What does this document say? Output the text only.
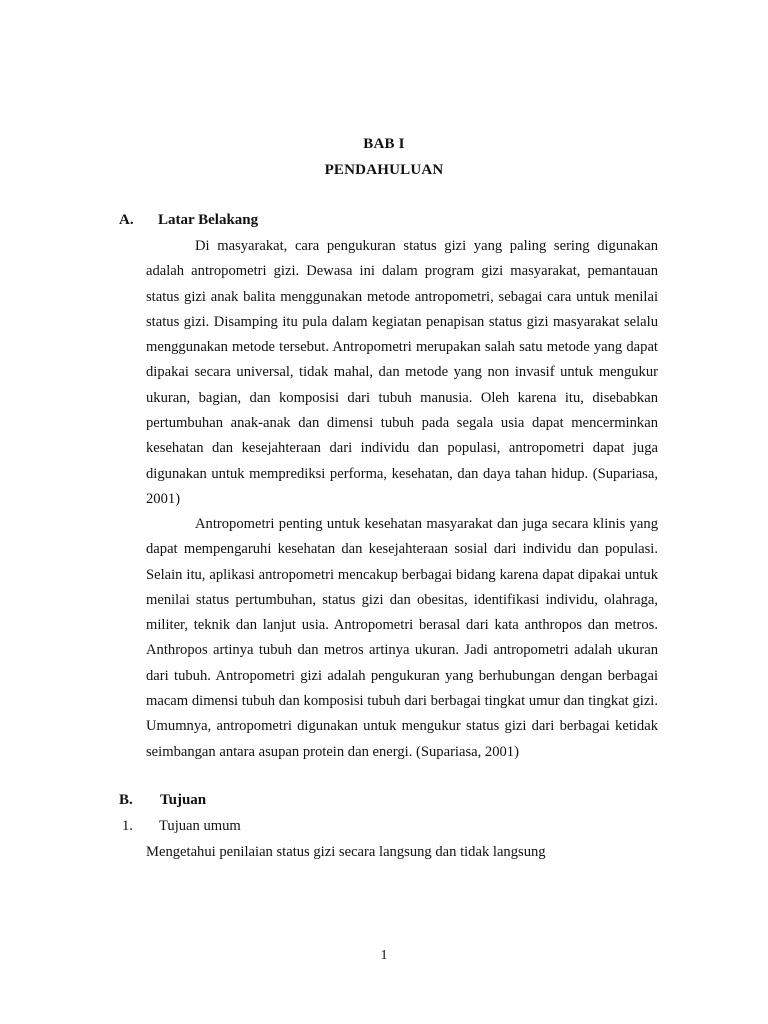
BAB I
PENDAHULUAN
A. Latar Belakang

Di masyarakat, cara pengukuran status gizi yang paling sering digunakan adalah antropometri gizi. Dewasa ini dalam program gizi masyarakat, pemantauan status gizi anak balita menggunakan metode antropometri, sebagai cara untuk menilai status gizi. Disamping itu pula dalam kegiatan penapisan status gizi masyarakat selalu menggunakan metode tersebut. Antropometri merupakan salah satu metode yang dapat dipakai secara universal, tidak mahal, dan metode yang non invasif untuk mengukur ukuran, bagian, dan komposisi dari tubuh manusia. Oleh karena itu, disebabkan pertumbuhan anak-anak dan dimensi tubuh pada segala usia dapat mencerminkan kesehatan dan kesejahteraan dari individu dan populasi, antropometri dapat juga digunakan untuk memprediksi performa, kesehatan, dan daya tahan hidup. (Supariasa, 2001)

Antropometri penting untuk kesehatan masyarakat dan juga secara klinis yang dapat mempengaruhi kesehatan dan kesejahteraan sosial dari individu dan populasi. Selain itu, aplikasi antropometri mencakup berbagai bidang karena dapat dipakai untuk menilai status pertumbuhan, status gizi dan obesitas, identifikasi individu, olahraga, militer, teknik dan lanjut usia. Antropometri berasal dari kata anthropos dan metros. Anthropos artinya tubuh dan metros artinya ukuran. Jadi antropometri adalah ukuran dari tubuh. Antropometri gizi adalah pengukuran yang berhubungan dengan berbagai macam dimensi tubuh dan komposisi tubuh dari berbagai tingkat umur dan tingkat gizi. Umumnya, antropometri digunakan untuk mengukur status gizi dari berbagai ketidak seimbangan antara asupan protein dan energi. (Supariasa, 2001)

B. Tujuan
1. Tujuan umum
Mengetahui penilaian status gizi secara langsung dan tidak langsung
1
